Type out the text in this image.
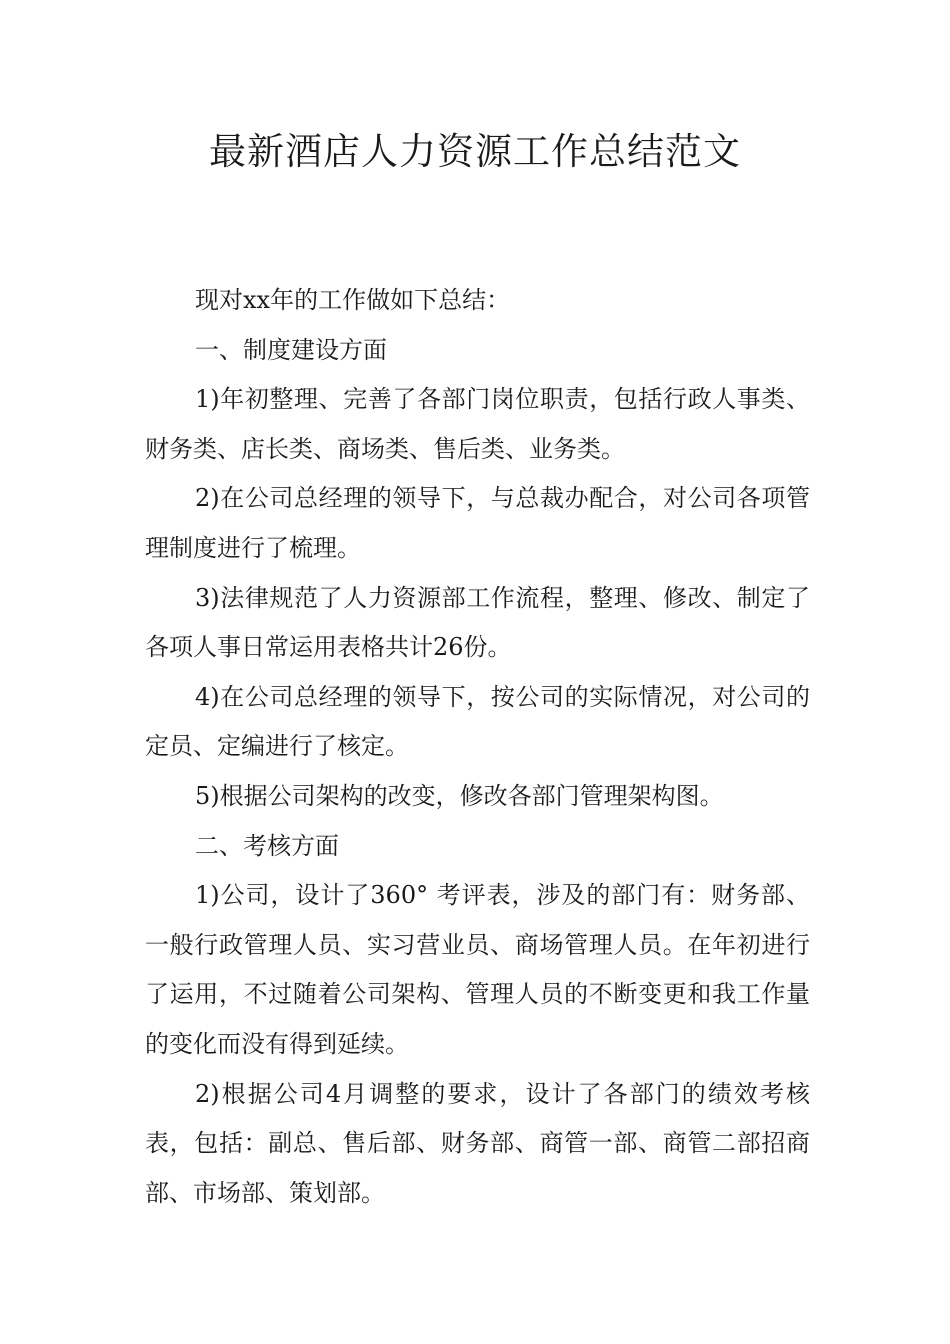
最新酒店人力资源工作总结范文

现对xx年的工作做如下总结：

一、制度建设方面

1)年初整理、完善了各部门岗位职责，包括行政人事类、财务类、店长类、商场类、售后类、业务类。

2)在公司总经理的领导下，与总裁办配合，对公司各项管理制度进行了梳理。

3)法律规范了人力资源部工作流程，整理、修改、制定了各项人事日常运用表格共计26份。

4)在公司总经理的领导下，按公司的实际情况，对公司的定员、定编进行了核定。

5)根据公司架构的改变，修改各部门管理架构图。

二、考核方面

1)公司，设计了360° 考评表，涉及的部门有：财务部、一般行政管理人员、实习营业员、商场管理人员。在年初进行了运用，不过随着公司架构、管理人员的不断变更和我工作量的变化而没有得到延续。

2)根据公司4月调整的要求，设计了各部门的绩效考核表，包括：副总、售后部、财务部、商管一部、商管二部招商部、市场部、策划部。
